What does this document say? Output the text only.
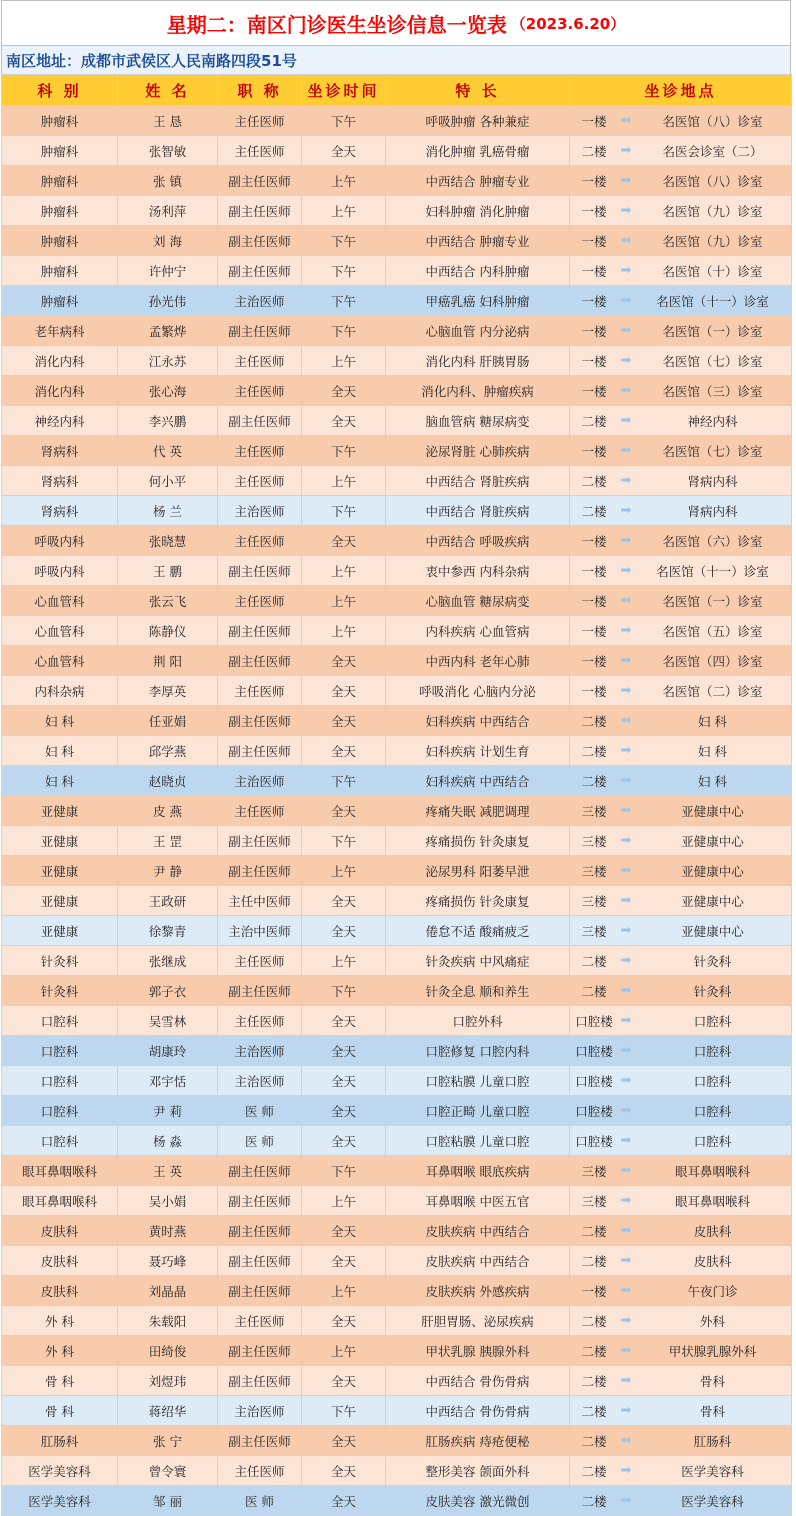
星期二：南区门诊医生坐诊信息一览表 （2023.6.20）
南区地址：成都市武侯区人民南路四段51号
科 别	姓 名	职 称	坐诊时间	特 长	坐诊地点
肿瘤科	王 恳	主任医师	下午	呼吸肿瘤 各种兼症	一楼 ➡ 名医馆（八）诊室

肿瘤科	张智敏	主任医师	全天	消化肿瘤 乳癌骨瘤	二楼 ➡ 名医会诊室（二）

肿瘤科	张 镇	副主任医师	上午	中西结合 肿瘤专业	一楼 ➡ 名医馆（八）诊室

肿瘤科	汤利萍	副主任医师	上午	妇科肿瘤 消化肿瘤	一楼 ➡ 名医馆（九）诊室

肿瘤科	刘 海	副主任医师	下午	中西结合 肿瘤专业	一楼 ➡ 名医馆（九）诊室

肿瘤科	许仲宁	副主任医师	下午	中西结合 内科肿瘤	一楼 ➡ 名医馆（十）诊室

肿瘤科	孙光伟	主治医师	下午	甲癌乳癌 妇科肿瘤	一楼 ➡ 名医馆（十一）诊室

老年病科	孟繁烨	副主任医师	下午	心脑血管 内分泌病	一楼 ➡ 名医馆（一）诊室

消化内科	江永苏	主任医师	上午	消化内科 肝胰胃肠	一楼 ➡ 名医馆（七）诊室

消化内科	张心海	主任医师	全天	消化内科、肿瘤疾病	一楼 ➡ 名医馆（三）诊室

神经内科	李兴鹏	副主任医师	全天	脑血管病 糖尿病变	二楼 ➡ 神经内科

肾病科	代 英	主任医师	下午	泌尿肾脏 心肺疾病	一楼 ➡ 名医馆（七）诊室

肾病科	何小平	主任医师	上午	中西结合 肾脏疾病	二楼 ➡ 肾病内科

肾病科	杨 兰	主治医师	下午	中西结合 肾脏疾病	二楼 ➡ 肾病内科

呼吸内科	张晓慧	主任医师	全天	中西结合 呼吸疾病	一楼 ➡ 名医馆（六）诊室

呼吸内科	王 鹏	副主任医师	上午	衷中参西 内科杂病	一楼 ➡ 名医馆（十一）诊室

心血管科	张云飞	主任医师	上午	心脑血管 糖尿病变	一楼 ➡ 名医馆（一）诊室

心血管科	陈静仪	副主任医师	上午	内科疾病 心血管病	一楼 ➡ 名医馆（五）诊室

心血管科	荆 阳	副主任医师	全天	中西内科 老年心肺	一楼 ➡ 名医馆（四）诊室

内科杂病	李厚英	主任医师	全天	呼吸消化 心脑内分泌	一楼 ➡ 名医馆（二）诊室

妇 科	任亚娟	副主任医师	全天	妇科疾病 中西结合	二楼 ➡ 妇 科

妇 科	邱学燕	副主任医师	全天	妇科疾病 计划生育	二楼 ➡ 妇 科

妇 科	赵晓贞	主治医师	下午	妇科疾病 中西结合	二楼 ➡ 妇 科

亚健康	皮 燕	主任医师	全天	疼痛失眠 减肥调理	三楼 ➡ 亚健康中心

亚健康	王 罡	副主任医师	下午	疼痛损伤 针灸康复	三楼 ➡ 亚健康中心

亚健康	尹 静	副主任医师	上午	泌尿男科 阳萎早泄	三楼 ➡ 亚健康中心

亚健康	王政研	主任中医师	全天	疼痛损伤 针灸康复	三楼 ➡ 亚健康中心

亚健康	徐黎青	主治中医师	全天	倦怠不适 酸痛疲乏	三楼 ➡ 亚健康中心

针灸科	张继成	主任医师	上午	针灸疾病 中风痛症	二楼 ➡ 针灸科

针灸科	郭子衣	副主任医师	下午	针灸全息 顺和养生	二楼 ➡ 针灸科

口腔科	吴雪林	主任医师	全天	口腔外科	口腔楼 ➡ 口腔科

口腔科	胡康玲	主治医师	全天	口腔修复 口腔内科	口腔楼 ➡ 口腔科

口腔科	邓宇恬	主治医师	全天	口腔粘膜 儿童口腔	口腔楼 ➡ 口腔科

口腔科	尹 莉	医 师	全天	口腔正畸 儿童口腔	口腔楼 ➡ 口腔科

口腔科	杨 淼	医 师	全天	口腔粘膜 儿童口腔	口腔楼 ➡ 口腔科

眼耳鼻咽喉科	王 英	副主任医师	下午	耳鼻咽喉 眼底疾病	三楼 ➡ 眼耳鼻咽喉科

眼耳鼻咽喉科	吴小娟	副主任医师	上午	耳鼻咽喉 中医五官	三楼 ➡ 眼耳鼻咽喉科

皮肤科	黄时燕	副主任医师	全天	皮肤疾病 中西结合	二楼 ➡ 皮肤科

皮肤科	聂巧峰	副主任医师	全天	皮肤疾病 中西结合	二楼 ➡ 皮肤科

皮肤科	刘晶晶	副主任医师	上午	皮肤疾病 外感疾病	一楼 ➡ 午夜门诊

外 科	朱载阳	主任医师	全天	肝胆胃肠、泌尿疾病	二楼 ➡ 外科

外 科	田绮俊	副主任医师	上午	甲状乳腺 胰腺外科	二楼 ➡ 甲状腺乳腺外科

骨 科	刘煜玮	副主任医师	全天	中西结合 骨伤骨病	二楼 ➡ 骨科

骨 科	蒋绍华	主治医师	下午	中西结合 骨伤骨病	二楼 ➡ 骨科

肛肠科	张 宁	副主任医师	全天	肛肠疾病 痔疮便秘	二楼 ➡ 肛肠科

医学美容科	曾令寰	主任医师	全天	整形美容 颌面外科	二楼 ➡ 医学美容科

医学美容科	邹 丽	医 师	全天	皮肤美容 激光微创	二楼 ➡ 医学美容科
